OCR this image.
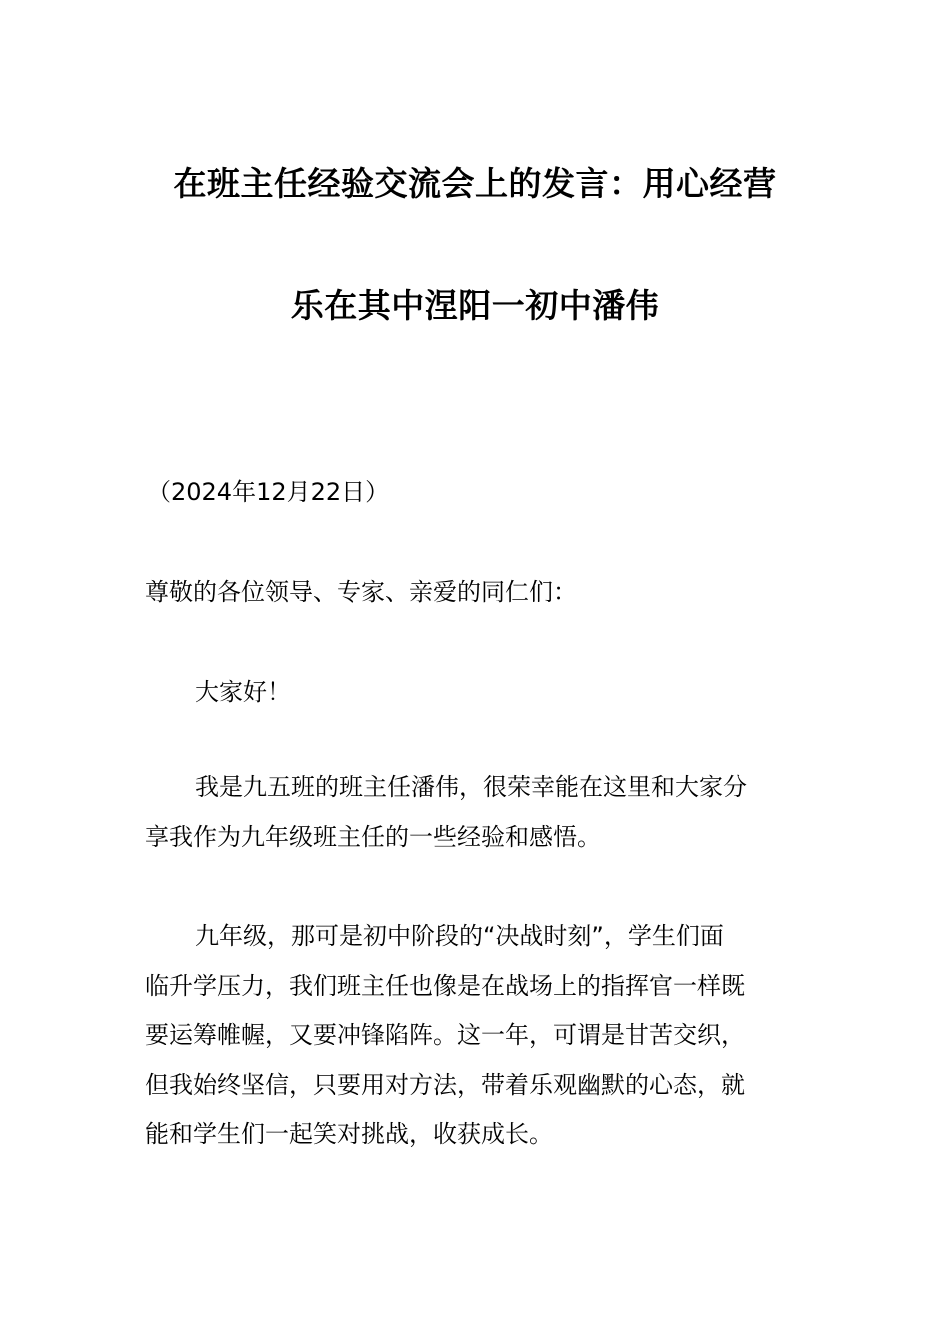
在班主任经验交流会上的发言：用心经营
乐在其中涅阳一初中潘伟
（2024年12月22日）
尊敬的各位领导、专家、亲爱的同仁们：
大家好！
我是九五班的班主任潘伟，很荣幸能在这里和大家分
享我作为九年级班主任的一些经验和感悟。
九年级，那可是初中阶段的“决战时刻”，学生们面
临升学压力，我们班主任也像是在战场上的指挥官一样既
要运筹帷幄，又要冲锋陷阵。这一年，可谓是甘苦交织，
但我始终坚信，只要用对方法，带着乐观幽默的心态，就
能和学生们一起笑对挑战，收获成长。
